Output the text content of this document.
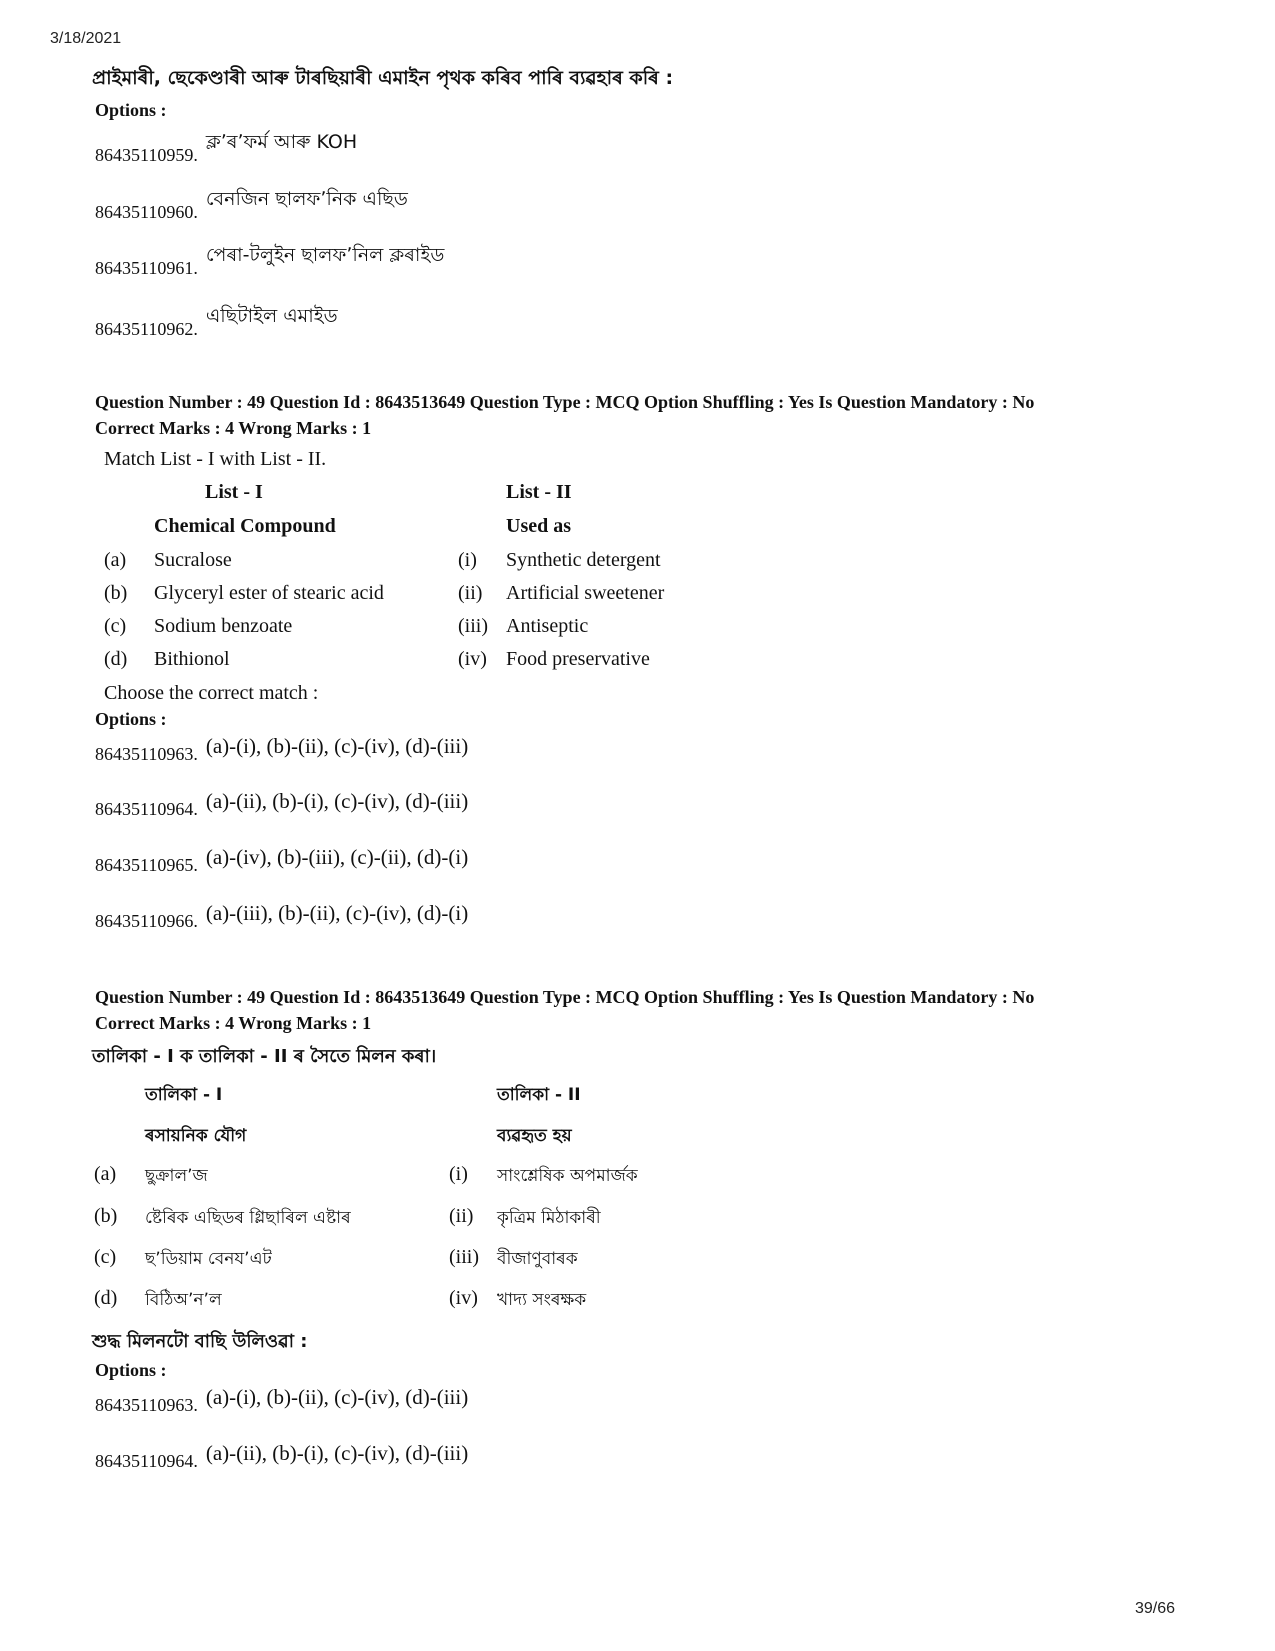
3/18/2021
39/66
প্ৰাইমাৰী, ছেকেণ্ডাৰী আৰু টাৰছিয়াৰী এমাইন পৃথক কৰিব পাৰি ব্যৱহাৰ কৰি :
Options :
86435110959.
ক্লʼৰʼফৰ্ম আৰু KOH
86435110960.
বেনজিন ছালফʼনিক এছিড
86435110961.
পেৰা-টলুইন ছালফʼনিল ক্লৰাইড
86435110962.
এছিটাইল এমাইড
Question Number : 49 Question Id : 8643513649 Question Type : MCQ Option Shuffling : Yes Is Question Mandatory : No
Correct Marks : 4 Wrong Marks : 1
Match List - I with List - II.
List - I	List - II
Chemical Compound	Used as
(a) Sucralose	(i) Synthetic detergent
(b) Glyceryl ester of stearic acid	(ii) Artificial sweetener
(c) Sodium benzoate	(iii) Antiseptic
(d) Bithionol	(iv) Food preservative
Choose the correct match :
Options :
86435110963. (a)-(i), (b)-(ii), (c)-(iv), (d)-(iii)
86435110964. (a)-(ii), (b)-(i), (c)-(iv), (d)-(iii)
86435110965. (a)-(iv), (b)-(iii), (c)-(ii), (d)-(i)
86435110966. (a)-(iii), (b)-(ii), (c)-(iv), (d)-(i)
Question Number : 49 Question Id : 8643513649 Question Type : MCQ Option Shuffling : Yes Is Question Mandatory : No
Correct Marks : 4 Wrong Marks : 1
তালিকা - I ক তালিকা - II ৰ সৈতে মিলন কৰা।
তালিকা - I	তালিকা - II
ৰসায়নিক যৌগ	ব্যৱহৃত হয়
(a) ছুক্ৰালʼজ	(i) সাংশ্লেষিক অপমাৰ্জক
(b) ষ্টেৰিক এছিডৰ গ্লিছাৰিল এষ্টাৰ	(ii) কৃত্ৰিম মিঠাকাৰী
(c) ছʼডিয়াম বেনযʼএট	(iii) বীজাণুবাৰক
(d) বিঠিঅʼনʼল	(iv) খাদ্য সংৰক্ষক
শুদ্ধ মিলনটো বাছি উলিওৱা :
Options :
86435110963. (a)-(i), (b)-(ii), (c)-(iv), (d)-(iii)
86435110964. (a)-(ii), (b)-(i), (c)-(iv), (d)-(iii)
